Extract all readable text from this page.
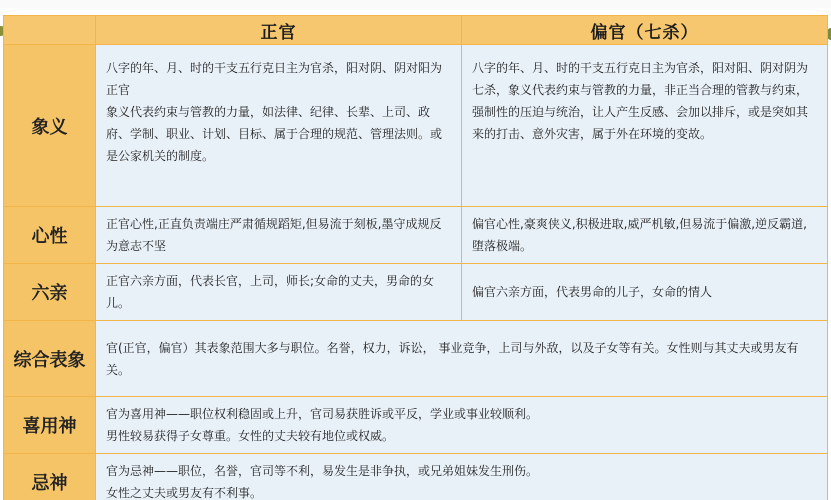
	正官	偏官（七杀）
象义	八字的年、月、时的干支五行克日主为官杀，阳对阴、阴对阳为正官
象义代表约束与管教的力量，如法律、纪律、长辈、上司、政府、学制、职业、计划、目标、属于合理的规范、管理法则。或是公家机关的制度。	八字的年、月、时的干支五行克日主为官杀，阳对阳、阴对阴为七杀，象义代表约束与管教的力量，非正当合理的管教与约束，强制性的压迫与统治，让人产生反感、会加以排斥，或是突如其来的打击、意外灾害，属于外在环境的变故。

心性	正官心性,正直负责端庄严肃循规蹈矩,但易流于刻板,墨守成规反为意志不坚	偏官心性,豪爽侠义,积极进取,威严机敏,但易流于偏激,逆反霸道,堕落极端。

六亲	正官六亲方面，代表长官，上司，师长;女命的丈夫，男命的女儿。	偏官六亲方面，代表男命的儿子，女命的情人

综合表象	官(正官，偏官）其表象范围大多与职位。名誉，权力，诉讼， 事业竞争，上司与外敌，以及子女等有关。女性则与其丈夫或男友有关。	

喜用神	官为喜用神——职位权利稳固或上升，官司易获胜诉或平反，学业或事业较顺利。
男性较易获得子女尊重。女性的丈夫较有地位或权威。	

忌神	官为忌神——职位，名誉，官司等不利，易发生是非争执，或兄弟姐妹发生刑伤。
女性之丈夫或男友有不利事。	
